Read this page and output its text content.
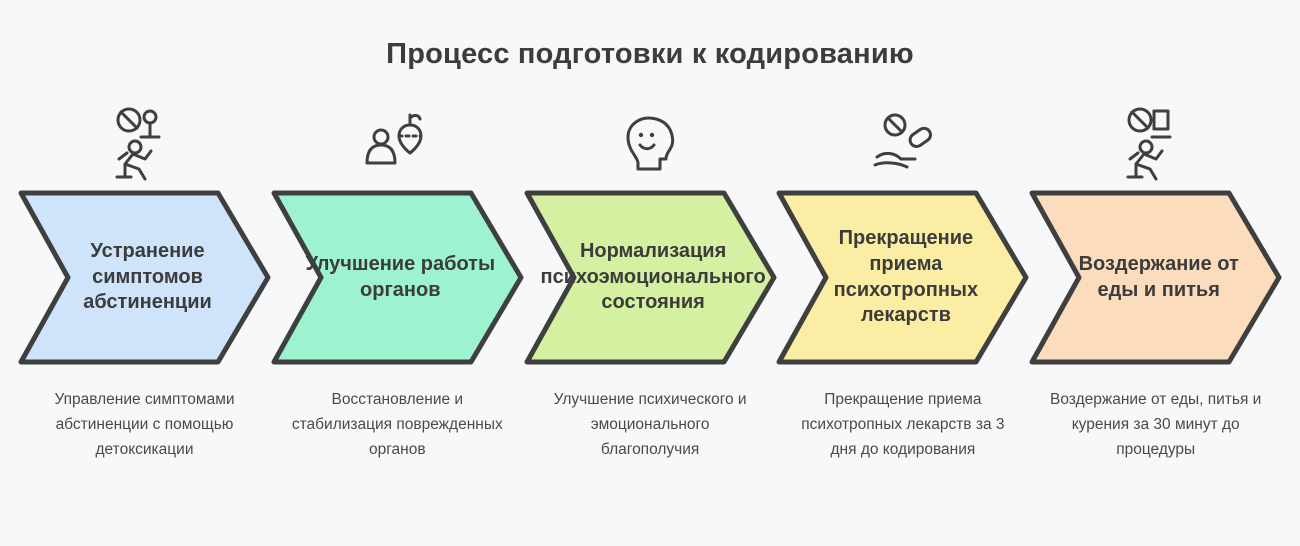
Процесс подготовки к кодированию
Устранение симптомов абстиненции
Управление симптомами абстиненции с помощью детоксикации
Улучшение работы органов
Восстановление и стабилизация поврежденных органов
Нормализация психоэмоционального состояния
Улучшение психического и эмоционального благополучия
Прекращение приема психотропных лекарств
Прекращение приема психотропных лекарств за 3 дня до кодирования
Воздержание от еды и питья
Воздержание от еды, питья и курения за 30 минут до процедуры
